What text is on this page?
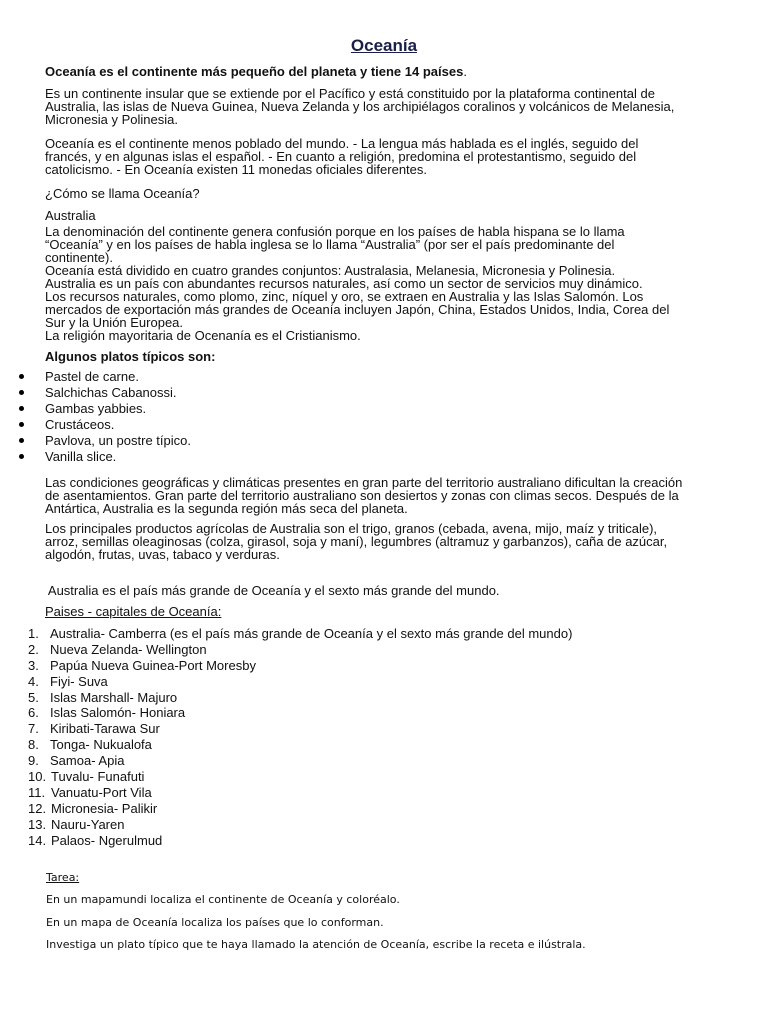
Oceanía

Oceanía es el continente más pequeño del planeta y tiene 14 países.

Es un continente insular que se extiende por el Pacífico y está constituido por la plataforma continental de
Australia, las islas de Nueva Guinea, Nueva Zelanda y los archipiélagos coralinos y volcánicos de Melanesia,
Micronesia y Polinesia.

Oceanía es el continente menos poblado del mundo. - La lengua más hablada es el inglés, seguido del
francés, y en algunas islas el español. - En cuanto a religión, predomina el protestantismo, seguido del
catolicismo. - En Oceanía existen 11 monedas oficiales diferentes.

¿Cómo se llama Oceanía?

Australia

La denominación del continente genera confusión porque en los países de habla hispana se lo llama
“Oceanía” y en los países de habla inglesa se lo llama “Australia” (por ser el país predominante del
continente).
Oceanía está dividido en cuatro grandes conjuntos: Australasia, Melanesia, Micronesia y Polinesia.
Australia es un país con abundantes recursos naturales, así como un sector de servicios muy dinámico.
Los recursos naturales, como plomo, zinc, níquel y oro, se extraen en Australia y las Islas Salomón. Los
mercados de exportación más grandes de Oceanía incluyen Japón, China, Estados Unidos, India, Corea del
Sur y la Unión Europea.
La religión mayoritaria de Ocenanía es el Cristianismo.

Algunos platos típicos son:

Pastel de carne.
Salchichas Cabanossi.
Gambas yabbies.
Crustáceos.
Pavlova, un postre típico.
Vanilla slice.

Las condiciones geográficas y climáticas presentes en gran parte del territorio australiano dificultan la creación
de asentamientos. Gran parte del territorio australiano son desiertos y zonas con climas secos. Después de la
Antártica, Australia es la segunda región más seca del planeta.

Los principales productos agrícolas de Australia son el trigo, granos (cebada, avena, mijo, maíz y triticale),
arroz, semillas oleaginosas (colza, girasol, soja y maní), legumbres (altramuz y garbanzos), caña de azúcar,
algodón, frutas, uvas, tabaco y verduras.

Australia es el país más grande de Oceanía y el sexto más grande del mundo.

Paises - capitales de Oceanía:

1. Australia- Camberra (es el país más grande de Oceanía y el sexto más grande del mundo)
2. Nueva Zelanda- Wellington
3. Papúa Nueva Guinea-Port Moresby
4. Fiyi- Suva
5. Islas Marshall- Majuro
6. Islas Salomón- Honiara
7. Kiribati-Tarawa Sur
8. Tonga- Nukualofa
9. Samoa- Apia
10. Tuvalu- Funafuti
11. Vanuatu-Port Vila
12. Micronesia- Palikir
13. Nauru-Yaren
14. Palaos- Ngerulmud
Tarea:
En un mapamundi localiza el continente de Oceanía y coloréalo.
En un mapa de Oceanía localiza los países que lo conforman.
Investiga un plato típico que te haya llamado la atención de Oceanía, escribe la receta e ilústrala.
